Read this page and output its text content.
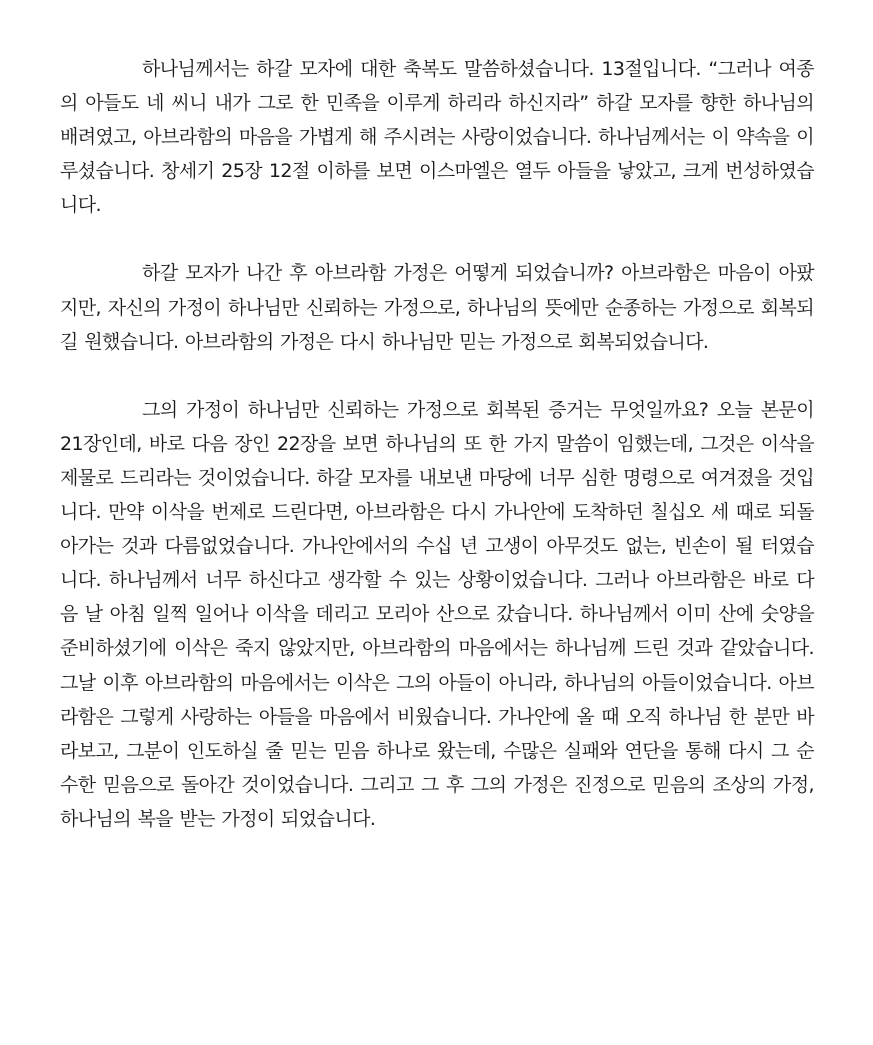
하나님께서는 하갈 모자에 대한 축복도 말씀하셨습니다. 13절입니다. “그러나 여종의 아들도 네 씨니 내가 그로 한 민족을 이루게 하리라 하신지라” 하갈 모자를 향한 하나님의 배려였고, 아브라함의 마음을 가볍게 해 주시려는 사랑이었습니다. 하나님께서는 이 약속을 이루셨습니다. 창세기 25장 12절 이하를 보면 이스마엘은 열두 아들을 낳았고, 크게 번성하였습니다.

하갈 모자가 나간 후 아브라함 가정은 어떻게 되었습니까? 아브라함은 마음이 아팠지만, 자신의 가정이 하나님만 신뢰하는 가정으로, 하나님의 뜻에만 순종하는 가정으로 회복되길 원했습니다. 아브라함의 가정은 다시 하나님만 믿는 가정으로 회복되었습니다.

그의 가정이 하나님만 신뢰하는 가정으로 회복된 증거는 무엇일까요? 오늘 본문이 21장인데, 바로 다음 장인 22장을 보면 하나님의 또 한 가지 말씀이 임했는데, 그것은 이삭을 제물로 드리라는 것이었습니다. 하갈 모자를 내보낸 마당에 너무 심한 명령으로 여겨졌을 것입니다. 만약 이삭을 번제로 드린다면, 아브라함은 다시 가나안에 도착하던 칠십오 세 때로 되돌아가는 것과 다름없었습니다. 가나안에서의 수십 년 고생이 아무것도 없는, 빈손이 될 터였습니다. 하나님께서 너무 하신다고 생각할 수 있는 상황이었습니다. 그러나 아브라함은 바로 다음 날 아침 일찍 일어나 이삭을 데리고 모리아 산으로 갔습니다. 하나님께서 이미 산에 숫양을 준비하셨기에 이삭은 죽지 않았지만, 아브라함의 마음에서는 하나님께 드린 것과 같았습니다. 그날 이후 아브라함의 마음에서는 이삭은 그의 아들이 아니라, 하나님의 아들이었습니다. 아브라함은 그렇게 사랑하는 아들을 마음에서 비웠습니다. 가나안에 올 때 오직 하나님 한 분만 바라보고, 그분이 인도하실 줄 믿는 믿음 하나로 왔는데, 수많은 실패와 연단을 통해 다시 그 순수한 믿음으로 돌아간 것이었습니다. 그리고 그 후 그의 가정은 진정으로 믿음의 조상의 가정, 하나님의 복을 받는 가정이 되었습니다.
